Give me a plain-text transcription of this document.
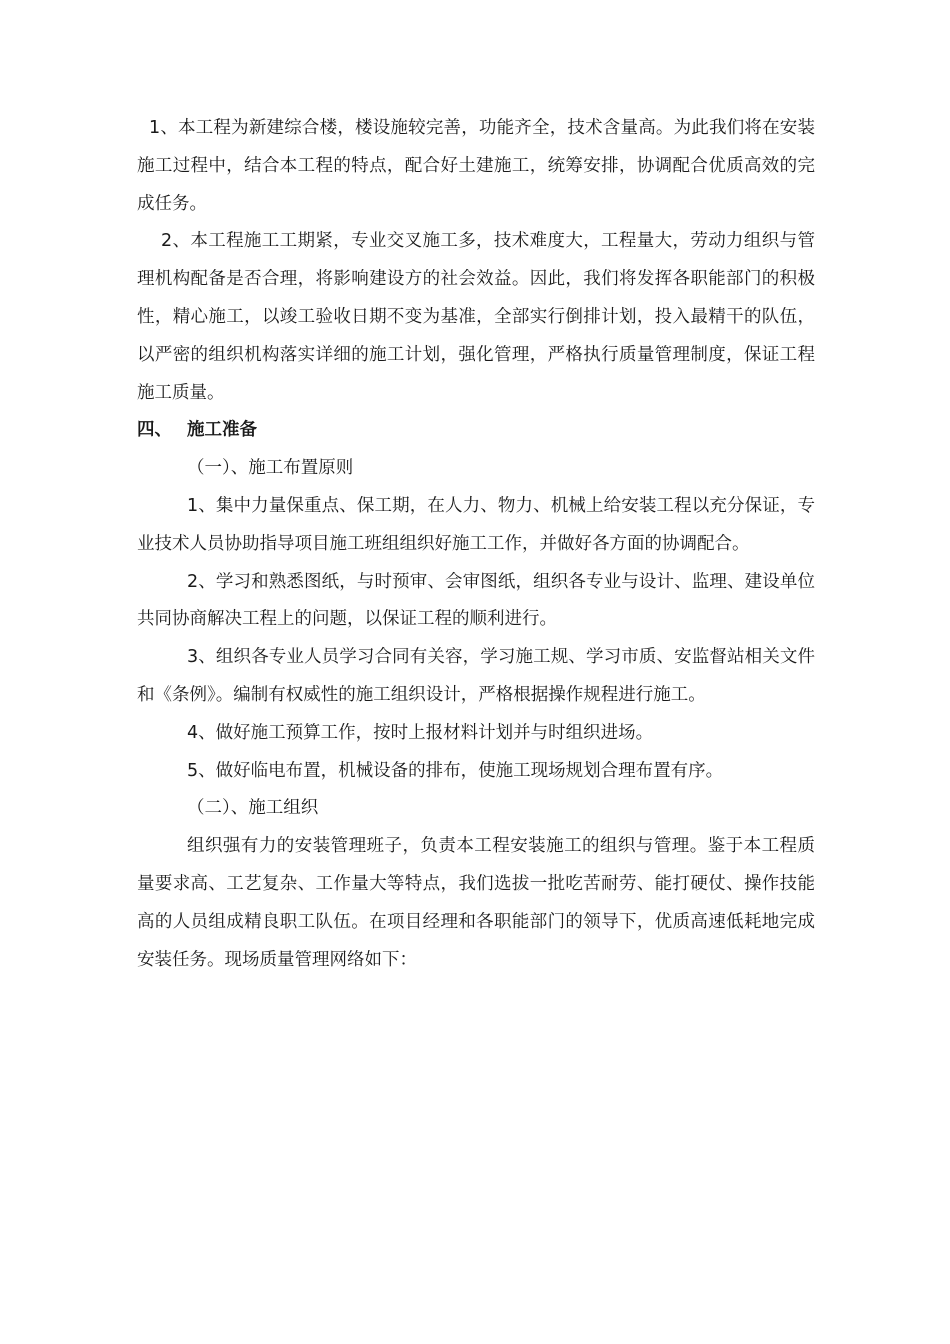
1、本工程为新建综合楼，楼设施较完善，功能齐全，技术含量高。为此我们将在安装施工过程中，结合本工程的特点，配合好土建施工，统筹安排，协调配合优质高效的完成任务。

2、本工程施工工期紧，专业交叉施工多，技术难度大，工程量大，劳动力组织与管理机构配备是否合理，将影响建设方的社会效益。因此，我们将发挥各职能部门的积极性，精心施工，以竣工验收日期不变为基准，全部实行倒排计划，投入最精干的队伍，以严密的组织机构落实详细的施工计划，强化管理，严格执行质量管理制度，保证工程施工质量。

四、 施工准备

（一）、施工布置原则

1、集中力量保重点、保工期，在人力、物力、机械上给安装工程以充分保证，专业技术人员协助指导项目施工班组组织好施工工作，并做好各方面的协调配合。

2、学习和熟悉图纸，与时预审、会审图纸，组织各专业与设计、监理、建设单位共同协商解决工程上的问题，以保证工程的顺利进行。

3、组织各专业人员学习合同有关容，学习施工规、学习市质、安监督站相关文件和《条例》。编制有权威性的施工组织设计，严格根据操作规程进行施工。

4、做好施工预算工作，按时上报材料计划并与时组织进场。

5、做好临电布置，机械设备的排布，使施工现场规划合理布置有序。

（二）、施工组织

组织强有力的安装管理班子，负责本工程安装施工的组织与管理。鉴于本工程质量要求高、工艺复杂、工作量大等特点，我们选拔一批吃苦耐劳、能打硬仗、操作技能高的人员组成精良职工队伍。在项目经理和各职能部门的领导下，优质高速低耗地完成安装任务。现场质量管理网络如下：
